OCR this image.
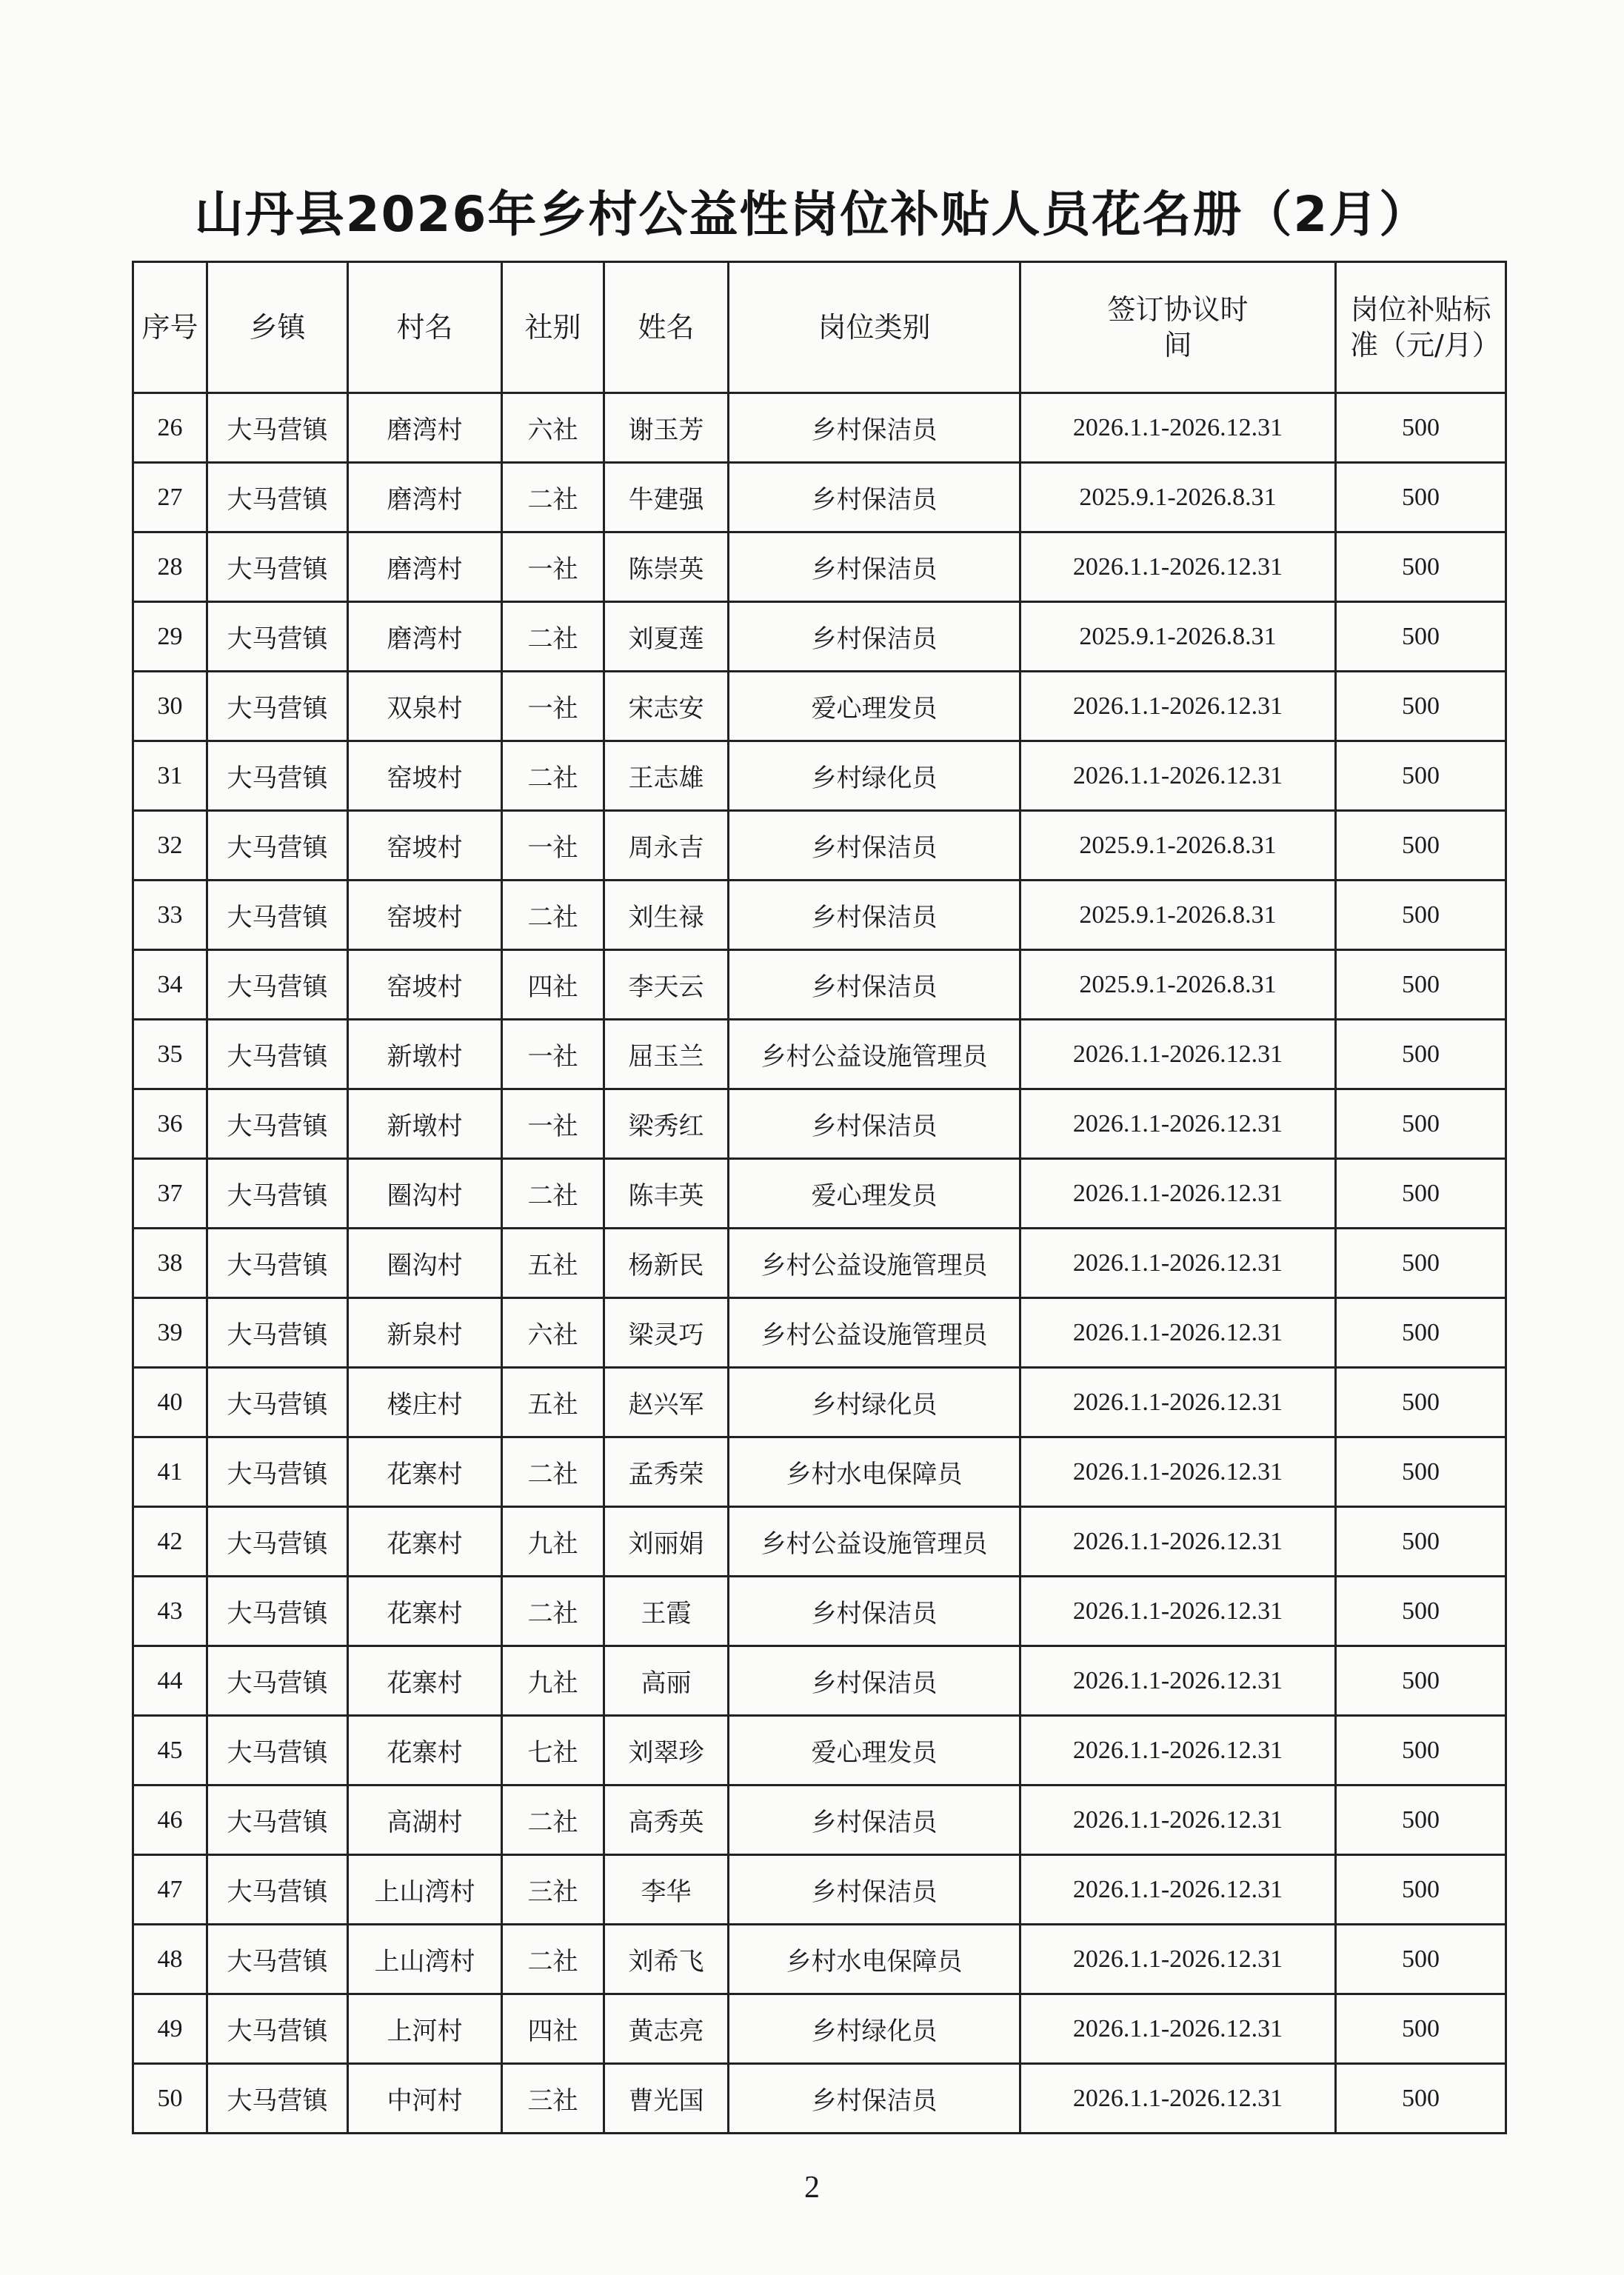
山丹县2026年乡村公益性岗位补贴人员花名册（2月）
序号	乡镇	村名	社别	姓名	岗位类别	签订协议时间	岗位补贴标准（元/月）
26	大马营镇	磨湾村	六社	谢玉芳	乡村保洁员	2026.1.1-2026.12.31	500
27	大马营镇	磨湾村	二社	牛建强	乡村保洁员	2025.9.1-2026.8.31	500
28	大马营镇	磨湾村	一社	陈崇英	乡村保洁员	2026.1.1-2026.12.31	500
29	大马营镇	磨湾村	二社	刘夏莲	乡村保洁员	2025.9.1-2026.8.31	500
30	大马营镇	双泉村	一社	宋志安	爱心理发员	2026.1.1-2026.12.31	500
31	大马营镇	窑坡村	二社	王志雄	乡村绿化员	2026.1.1-2026.12.31	500
32	大马营镇	窑坡村	一社	周永吉	乡村保洁员	2025.9.1-2026.8.31	500
33	大马营镇	窑坡村	二社	刘生禄	乡村保洁员	2025.9.1-2026.8.31	500
34	大马营镇	窑坡村	四社	李天云	乡村保洁员	2025.9.1-2026.8.31	500
35	大马营镇	新墩村	一社	屈玉兰	乡村公益设施管理员	2026.1.1-2026.12.31	500
36	大马营镇	新墩村	一社	梁秀红	乡村保洁员	2026.1.1-2026.12.31	500
37	大马营镇	圈沟村	二社	陈丰英	爱心理发员	2026.1.1-2026.12.31	500
38	大马营镇	圈沟村	五社	杨新民	乡村公益设施管理员	2026.1.1-2026.12.31	500
39	大马营镇	新泉村	六社	梁灵巧	乡村公益设施管理员	2026.1.1-2026.12.31	500
40	大马营镇	楼庄村	五社	赵兴军	乡村绿化员	2026.1.1-2026.12.31	500
41	大马营镇	花寨村	二社	孟秀荣	乡村水电保障员	2026.1.1-2026.12.31	500
42	大马营镇	花寨村	九社	刘丽娟	乡村公益设施管理员	2026.1.1-2026.12.31	500
43	大马营镇	花寨村	二社	王霞	乡村保洁员	2026.1.1-2026.12.31	500
44	大马营镇	花寨村	九社	高丽	乡村保洁员	2026.1.1-2026.12.31	500
45	大马营镇	花寨村	七社	刘翠珍	爱心理发员	2026.1.1-2026.12.31	500
46	大马营镇	高湖村	二社	高秀英	乡村保洁员	2026.1.1-2026.12.31	500
47	大马营镇	上山湾村	三社	李华	乡村保洁员	2026.1.1-2026.12.31	500
48	大马营镇	上山湾村	二社	刘希飞	乡村水电保障员	2026.1.1-2026.12.31	500
49	大马营镇	上河村	四社	黄志亮	乡村绿化员	2026.1.1-2026.12.31	500
50	大马营镇	中河村	三社	曹光国	乡村保洁员	2026.1.1-2026.12.31	500
2
